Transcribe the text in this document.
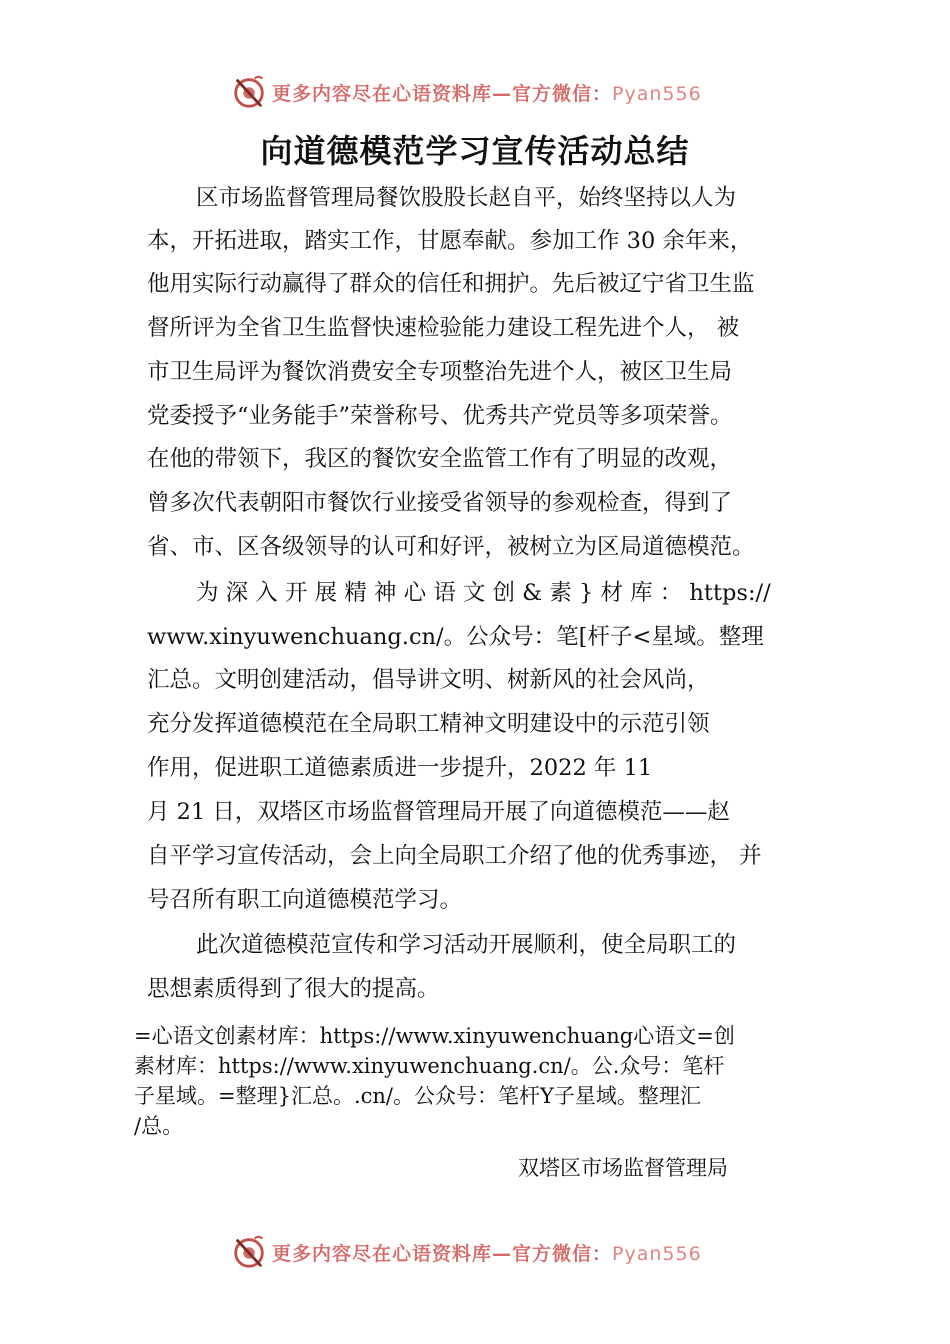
更多内容尽在心语资料库—官方微信：Pyan556
向道德模范学习宣传活动总结
区市场监督管理局餐饮股股长赵自平，始终坚持以人为
本，开拓进取，踏实工作，甘愿奉献。参加工作 30 余年来，
他用实际行动赢得了群众的信任和拥护。先后被辽宁省卫生监
督所评为全省卫生监督快速检验能力建设工程先进个人， 被
市卫生局评为餐饮消费安全专项整治先进个人，被区卫生局
党委授予“业务能手”荣誉称号、优秀共产党员等多项荣誉。
在他的带领下，我区的餐饮安全监管工作有了明显的改观，
曾多次代表朝阳市餐饮行业接受省领导的参观检查，得到了
省、市、区各级领导的认可和好评，被树立为区局道德模范。
为 深 入 开 展 精 神 心 语 文 创 & 素 } 材 库 ： https://
www.xinyuwenchuang.cn/。公众号：笔[杆子<星域。整理
汇总。文明创建活动，倡导讲文明、树新风的社会风尚，
充分发挥道德模范在全局职工精神文明建设中的示范引领
作用，促进职工道德素质进一步提升，2022 年 11
月 21 日，双塔区市场监督管理局开展了向道德模范——赵
自平学习宣传活动，会上向全局职工介绍了他的优秀事迹， 并
号召所有职工向道德模范学习。
此次道德模范宣传和学习活动开展顺利，使全局职工的
思想素质得到了很大的提高。
=心语文创素材库：https://www.xinyuwenchuang心语文=创
素材库：https://www.xinyuwenchuang.cn/。公.众号：笔杆
子星域。=整理}汇总。.cn/。公众号：笔杆Y子星域。整理汇
/总。
双塔区市场监督管理局
更多内容尽在心语资料库—官方微信：Pyan556
